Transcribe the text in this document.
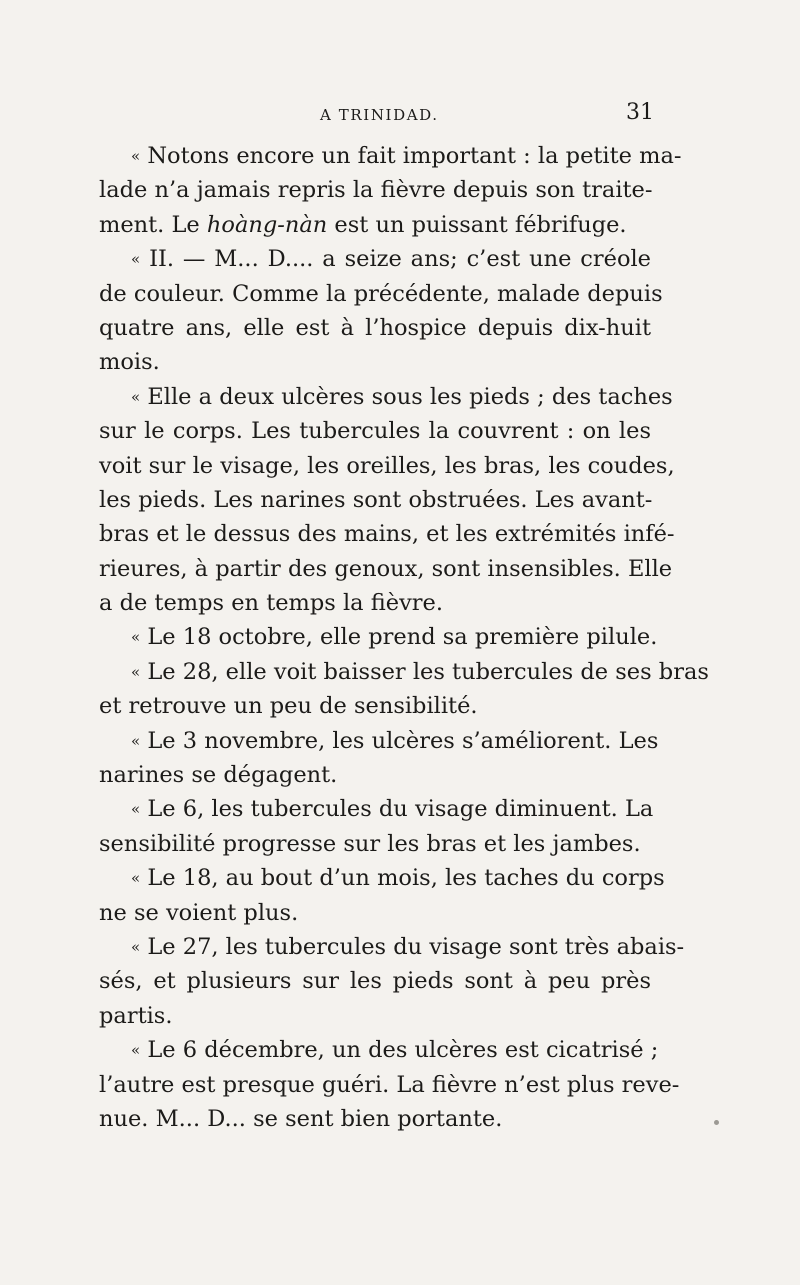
A TRINIDAD.	31
« Notons encore un fait important : la petite ma-
lade n’a jamais repris la fièvre depuis son traite-
ment. Le hoàng-nàn est un puissant fébrifuge.
« II. — M... D.... a seize ans; c’est une créole
de couleur. Comme la précédente, malade depuis
quatre ans, elle est à l’hospice depuis dix-huit
mois.
« Elle a deux ulcères sous les pieds ; des taches
sur le corps. Les tubercules la couvrent : on les
voit sur le visage, les oreilles, les bras, les coudes,
les pieds. Les narines sont obstruées. Les avant-
bras et le dessus des mains, et les extrémités infé-
rieures, à partir des genoux, sont insensibles. Elle
a de temps en temps la fièvre.
« Le 18 octobre, elle prend sa première pilule.
« Le 28, elle voit baisser les tubercules de ses bras
et retrouve un peu de sensibilité.
« Le 3 novembre, les ulcères s’améliorent. Les
narines se dégagent.
« Le 6, les tubercules du visage diminuent. La
sensibilité progresse sur les bras et les jambes.
« Le 18, au bout d’un mois, les taches du corps
ne se voient plus.
« Le 27, les tubercules du visage sont très abais-
sés, et plusieurs sur les pieds sont à peu près
partis.
« Le 6 décembre, un des ulcères est cicatrisé ;
l’autre est presque guéri. La fièvre n’est plus reve-
nue. M... D... se sent bien portante.
